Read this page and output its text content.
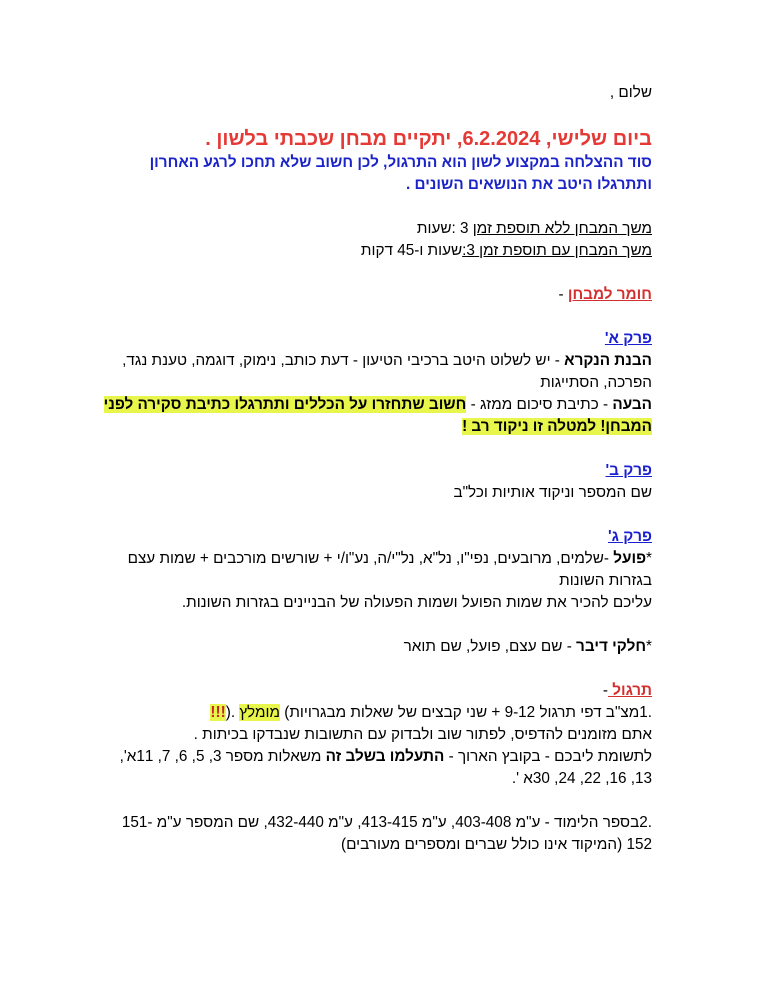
שלום ,

ביום שלישי, 6.2.2024, יתקיים מבחן שכבתי בלשון .

סוד ההצלחה במקצוע לשון הוא התרגול, לכן חשוב שלא תחכו לרגע האחרון ותתרגלו היטב את הנושאים השונים .

משך המבחן ללא תוספת זמן 3 :שעות

משך המבחן עם תוספת זמן 3:שעות ו-45 דקות

חומר למבחן -

פרק א'

הבנת הנקרא - יש לשלוט היטב ברכיבי הטיעון - דעת כותב, נימוק, דוגמה, טענת נגד, הפרכה, הסתייגות

הבעה - כתיבת סיכום ממזג - חשוב שתחזרו על הכללים ותתרגלו כתיבת סקירה לפני המבחן! למטלה זו ניקוד רב !

פרק ב'

שם המספר וניקוד אותיות וכל"ב

פרק ג'

*פועל -שלמים, מרובעים, נפי"ו, נל"א, נל"י/ה, נע"ו/י + שורשים מורכבים + שמות עצם בגזרות השונות

עליכם להכיר את שמות הפועל ושמות הפעולה של הבניינים בגזרות השונות.

*חלקי דיבר - שם עצם, פועל, שם תואר

תרגול -

.1מצ"ב דפי תרגול 9-12 + שני קבצים של שאלות מבגרויות) מומלץ .(!!!

אתם מזומנים להדפיס, לפתור שוב ולבדוק עם התשובות שנבדקו בכיתות .

לתשומת ליבכם - בקובץ הארוך - התעלמו בשלב זה משאלות מספר 3, 5, 6, 7, 11א', 13, 16, 22, 24, 30א '.

.2בספר הלימוד - ע"מ 403-408, ע"מ 413-415, ע"מ 432-440, שם המספר ע"מ 151-152 (המיקוד אינו כולל שברים ומספרים מעורבים)
